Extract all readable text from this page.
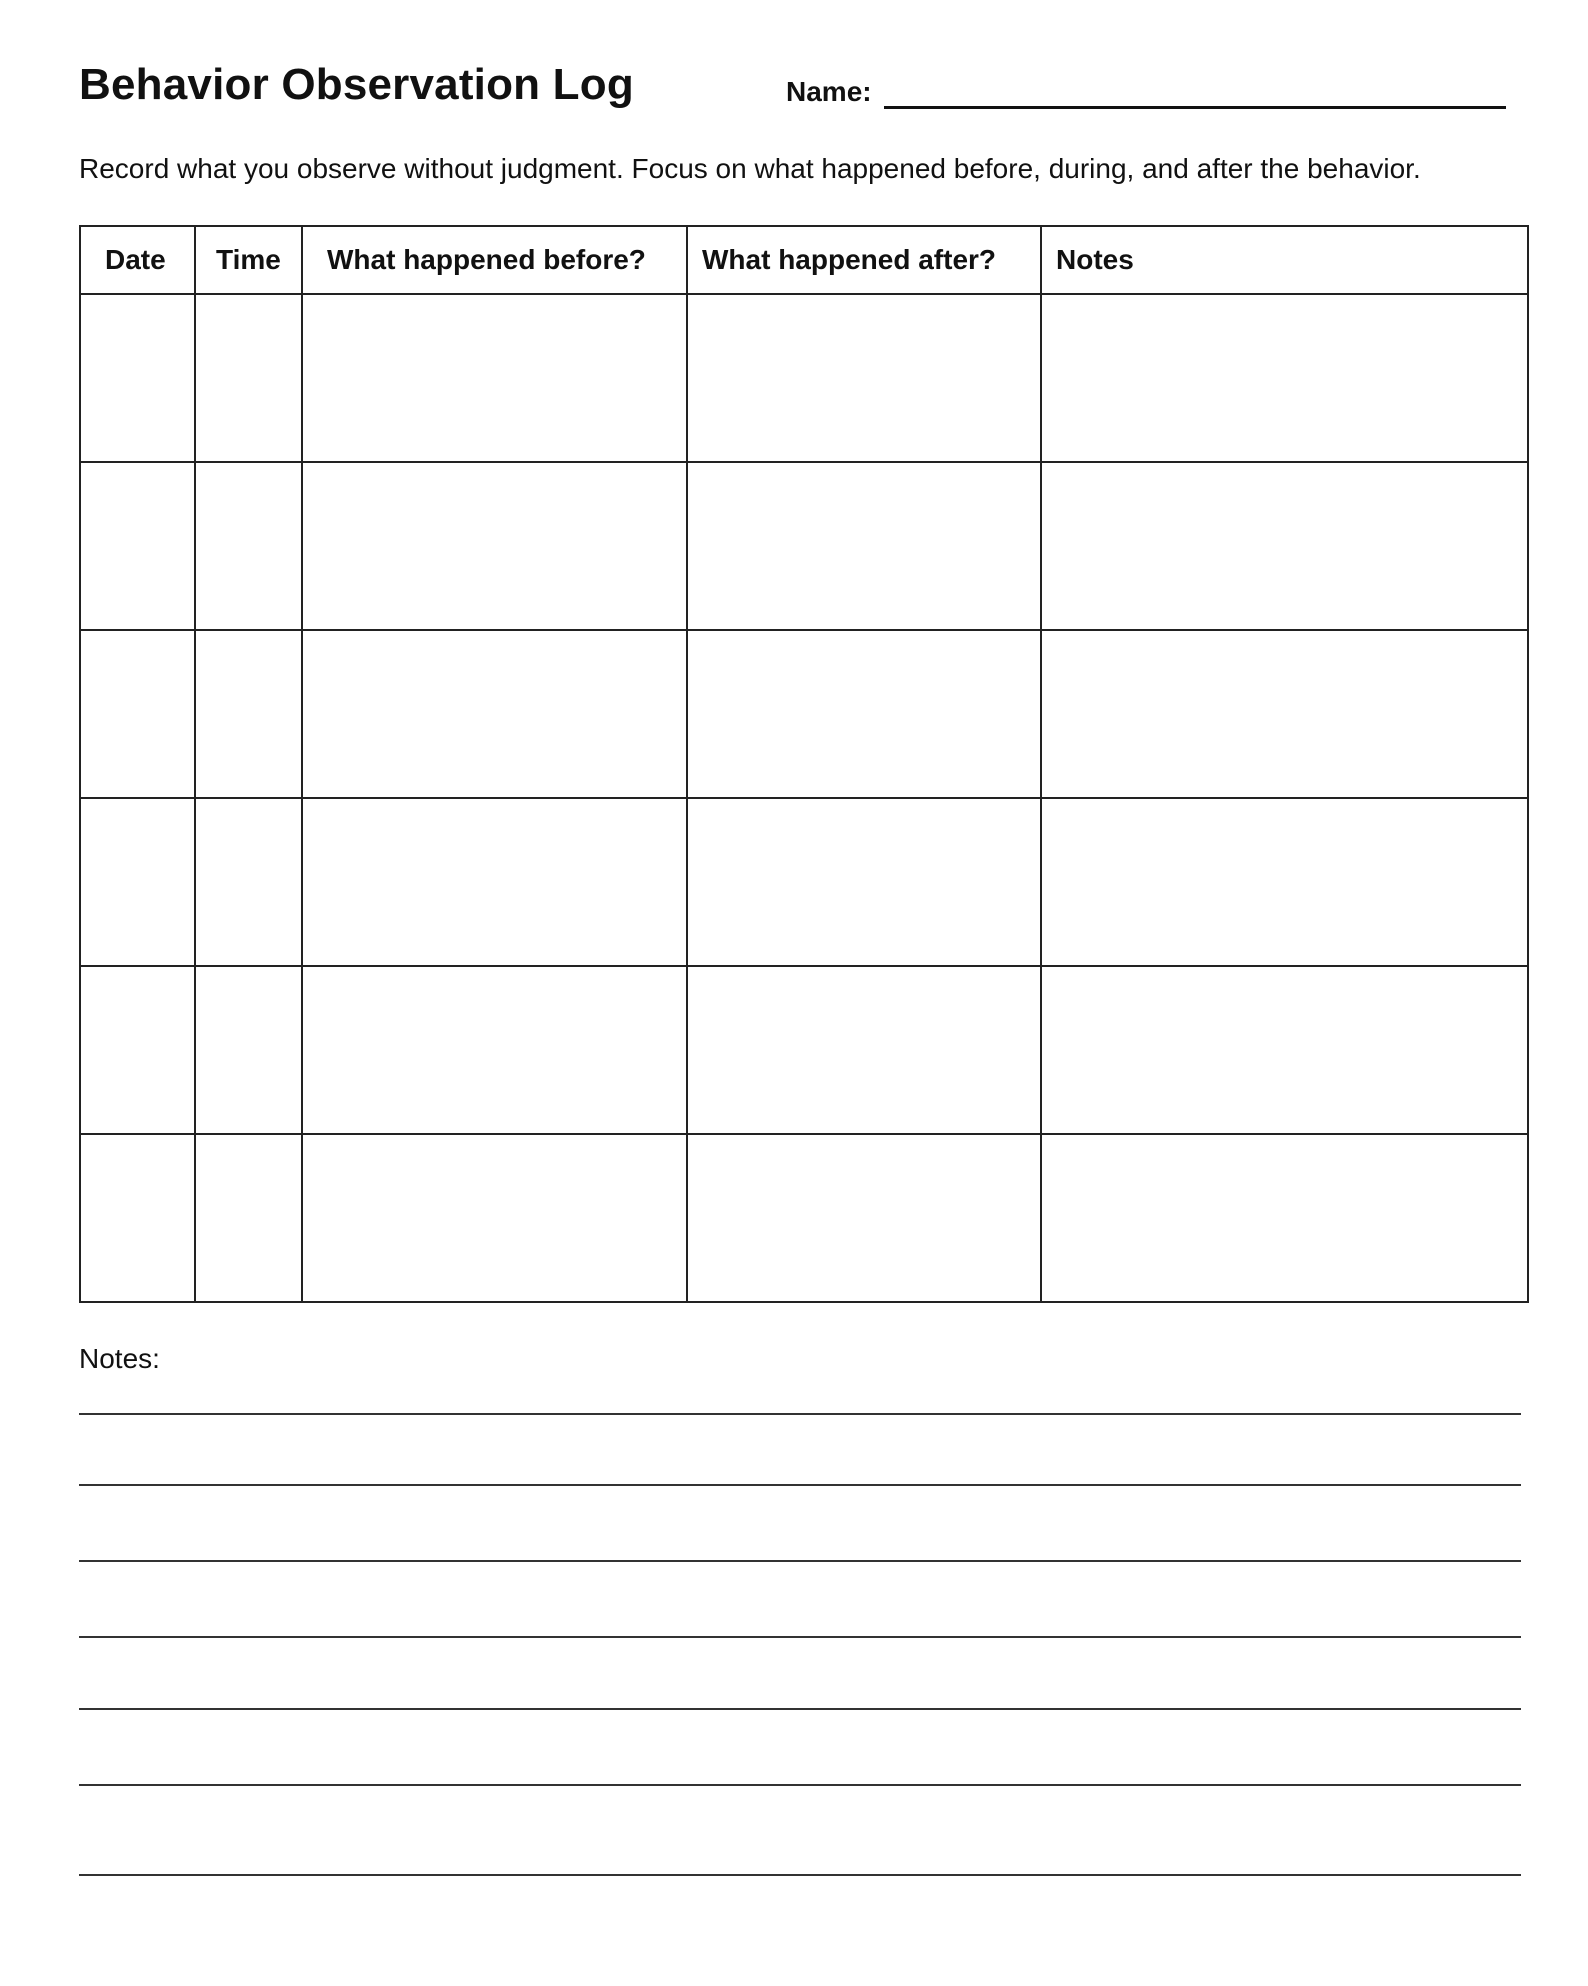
Behavior Observation Log	Name:
Record what you observe without judgment. Focus on what happened before, during, and after the behavior.
Date	Time	What happened before?	What happened after?	Notes

Notes:
